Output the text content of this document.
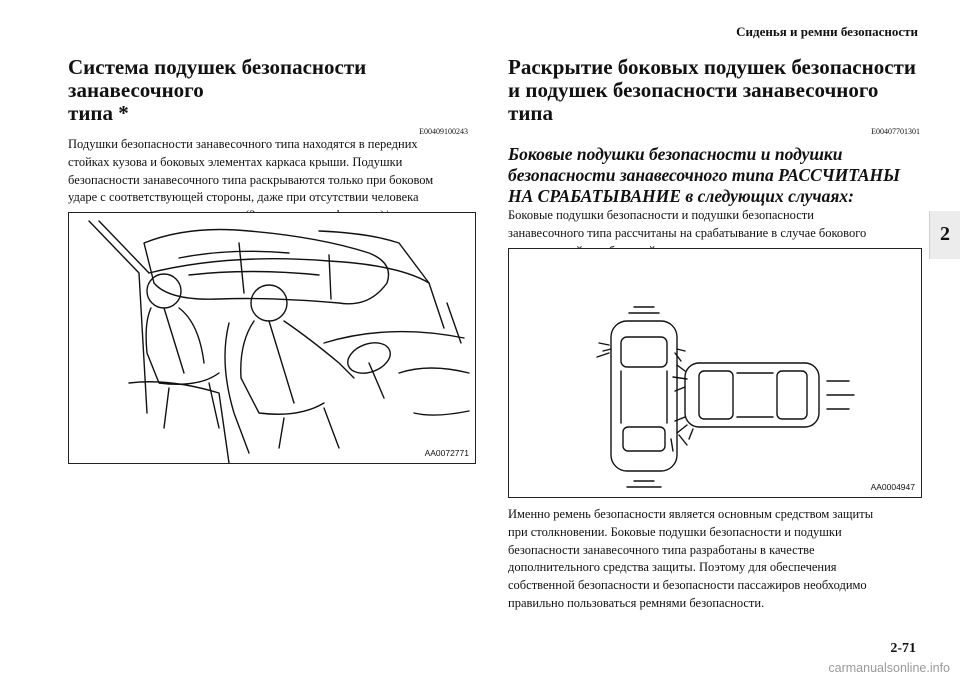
Сиденья и ремни безопасности
2
Система подушек безопасности занавесочного
типа *
E00409100243
Подушки безопасности занавесочного типа находятся в передних
стойках кузова и боковых элементах каркаса крыши. Подушки
безопасности занавесочного типа раскрываются только при боковом
ударе с соответствующей стороны, даже при отсутствии человека
AA0072771
Раскрытие боковых подушек безопасности
и подушек безопасности занавесочного типа
E00407701301
Боковые подушки безопасности и подушки
безопасности занавесочного типа РАССЧИТАНЫ
НА СРАБАТЫВАНИЕ в следующих случаях:
Боковые подушки безопасности и подушки безопасности
занавесочного типа рассчитаны на срабатывание в случае бокового
AA0004947
Именно ремень безопасности является основным средством защиты
при столкновении. Боковые подушки безопасности и подушки
безопасности занавесочного типа разработаны в качестве
дополнительного средства защиты. Поэтому для обеспечения
собственной безопасности и безопасности пассажиров необходимо
правильно пользоваться ремнями безопасности.
2-71
carmanualsonline.info
